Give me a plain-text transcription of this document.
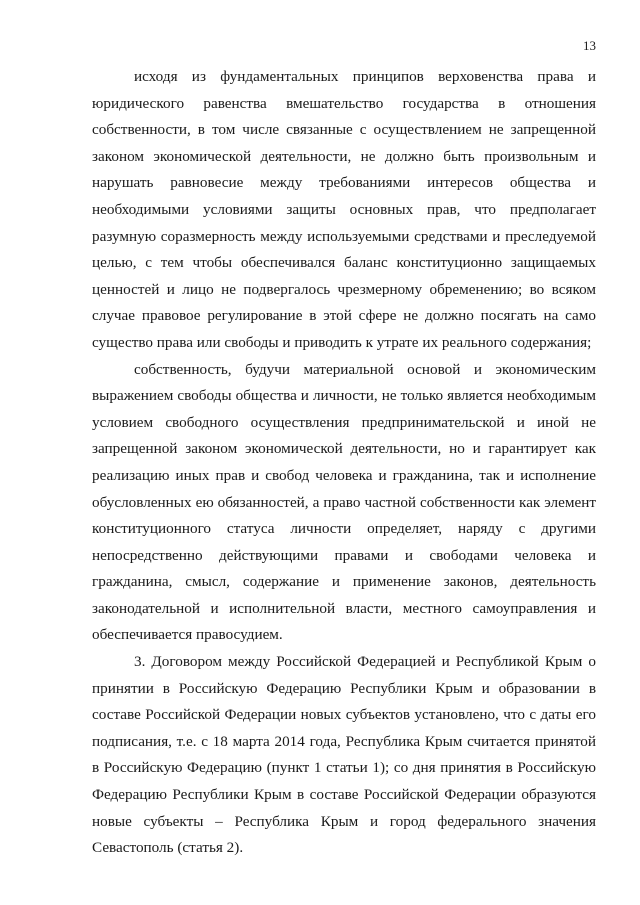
13

исходя из фундаментальных принципов верховенства права и юридического равенства вмешательство государства в отношения собственности, в том числе связанные с осуществлением не запрещенной законом экономической деятельности, не должно быть произвольным и нарушать равновесие между требованиями интересов общества и необходимыми условиями защиты основных прав, что предполагает разумную соразмерность между используемыми средствами и преследуемой целью, с тем чтобы обеспечивался баланс конституционно защищаемых ценностей и лицо не подвергалось чрезмерному обременению; во всяком случае правовое регулирование в этой сфере не должно посягать на само существо права или свободы и приводить к утрате их реального содержания;

собственность, будучи материальной основой и экономическим выражением свободы общества и личности, не только является необходимым условием свободного осуществления предпринимательской и иной не запрещенной законом экономической деятельности, но и гарантирует как реализацию иных прав и свобод человека и гражданина, так и исполнение обусловленных ею обязанностей, а право частной собственности как элемент конституционного статуса личности определяет, наряду с другими непосредственно действующими правами и свободами человека и гражданина, смысл, содержание и применение законов, деятельность законодательной и исполнительной власти, местного самоуправления и обеспечивается правосудием.

3. Договором между Российской Федерацией и Республикой Крым о принятии в Российскую Федерацию Республики Крым и образовании в составе Российской Федерации новых субъектов установлено, что с даты его подписания, т.е. с 18 марта 2014 года, Республика Крым считается принятой в Российскую Федерацию (пункт 1 статьи 1); со дня принятия в Российскую Федерацию Республики Крым в составе Российской Федерации образуются новые субъекты – Республика Крым и город федерального значения Севастополь (статья 2).
